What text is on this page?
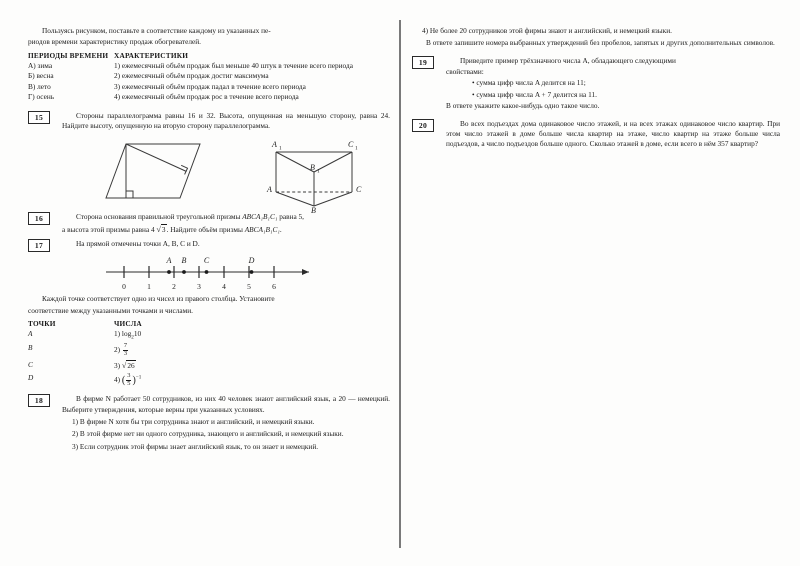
Пользуясь рисунком, поставьте в соответствие каждому из указанных пе-

риодов времени характеристику продаж обогревателей.

ПЕРИОДЫ ВРЕМЕНИ ХАРАКТЕРИСТИКИ
А) зима	1) ежемесячный объём продаж был меньше 40 штук в течение всего периода
Б) весна	2) ежемесячный объём продаж достиг максимума
В) лето	3) ежемесячный объём продаж падал в течение всего периода
Г) осень	4) ежемесячный объём продаж рос в течение всего периода
15	Стороны параллелограмма равны 16 и 32. Высота, опущенная на меньшую сторону, равна 24. Найдите высоту, опущенную на вторую сторону параллелограмма.

A 1	C 1
B 1
A	C
B
16	Сторона основания правильной треугольной призмы ABCA₁B₁C₁ равна 5,

а высота этой призмы равна 4 √3. Найдите объём призмы ABCA₁B₁C₁.

17	На прямой отмечены точки A, B, C и D.

0	1	2	3	4	5	6
A B C	D

Каждой точке соответствует одно из чисел из правого столбца. Установите

соответствие между указанными точками и числами.

ТОЧКИ	ЧИСЛА
A	1) $\log_210$
B	$2) \frac{7}{3}$
C	3) √26
D	4) ( $\frac{3}{5} )^{-1}$
18	В фирме N работает 50 сотрудников, из них 40 человек знают английский язык, а 20 — немецкий. Выберите утверждения, которые верны при указанных условиях.

1) В фирме N хотя бы три сотрудника знают и английский, и немецкий языки.

2) В этой фирме нет ни одного сотрудника, знающего и английский, и немецкий языки.

3) Если сотрудник этой фирмы знает английский язык, то он знает и немецкий.

4) Не более 20 сотрудников этой фирмы знают и английский, и немецкий языки.

В ответе запишите номера выбранных утверждений без пробелов, запятых и других дополнительных символов.

19	Приведите пример трёхзначного числа A, обладающего следующими

свойствами:

• сумма цифр числа A делится на 11;

• сумма цифр числа A + 7 делится на 11.

В ответе укажите какое-нибудь одно такое число.

20	Во всех подъездах дома одинаковое число этажей, и на всех этажах одинаковое число квартир. При этом число этажей в доме больше числа квартир на этаже, число квартир на этаже больше числа подъездов, а число подъездов больше одного. Сколько этажей в доме, если всего в нём 357 квартир?
